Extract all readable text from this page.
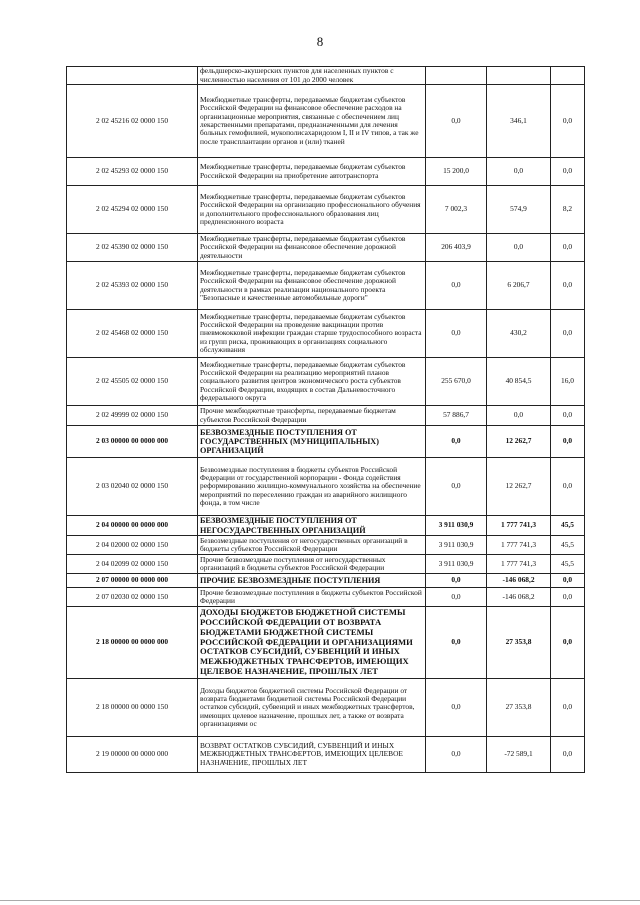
8
	фельдшерско-акушерских пунктов для населенных пунктов с численностью населения от 101 до 2000 человек			
2 02 45216 02 0000 150	Межбюджетные трансферты, передаваемые бюджетам субъектов Российской Федерации на финансовое обеспечение расходов на организационные мероприятия, связанные с обеспечением лиц лекарственными препаратами, предназначенными для лечения больных гемофилией, мукополисахаридозом I, II и IV типов, а так же после трансплантации органов и (или) тканей	0,0	346,1	0,0
2 02 45293 02 0000 150	Межбюджетные трансферты, передаваемые бюджетам субъектов Российской Федерации на приобретение автотранспорта	15 200,0	0,0	0,0
2 02 45294 02 0000 150	Межбюджетные трансферты, передаваемые бюджетам субъектов Российской Федерации на организацию профессионального обучения и дополнительного профессионального образования лиц предпенсионного возраста	7 002,3	574,9	8,2
2 02 45390 02 0000 150	Межбюджетные трансферты, передаваемые бюджетам субъектов Российской Федерации на финансовое обеспечение дорожной деятельности	206 403,9	0,0	0,0
2 02 45393 02 0000 150	Межбюджетные трансферты, передаваемые бюджетам субъектов Российской Федерации на финансовое обеспечение дорожной деятельности в рамках реализации национального проекта "Безопасные и качественные автомобильные дороги"	0,0	6 206,7	0,0
2 02 45468 02 0000 150	Межбюджетные трансферты, передаваемые бюджетам субъектов Российской Федерации на проведение вакцинации против пневмококковой инфекции граждан старше трудоспособного возраста из групп риска, проживающих в организациях социального обслуживания	0,0	430,2	0,0
2 02 45505 02 0000 150	Межбюджетные трансферты, передаваемые бюджетам субъектов Российской Федерации на реализацию мероприятий планов социального развития центров экономического роста субъектов Российской Федерации, входящих в состав Дальневосточного федерального округа	255 670,0	40 854,5	16,0
2 02 49999 02 0000 150	Прочие межбюджетные трансферты, передаваемые бюджетам субъектов Российской Федерации	57 886,7	0,0	0,0
2 03 00000 00 0000 000	БЕЗВОЗМЕЗДНЫЕ ПОСТУПЛЕНИЯ ОТ ГОСУДАРСТВЕННЫХ (МУНИЦИПАЛЬНЫХ) ОРГАНИЗАЦИЙ	0,0	12 262,7	0,0
2 03 02040 02 0000 150	Безвозмездные поступления в бюджеты субъектов Российской Федерации от государственной корпорации - Фонда содействия реформированию жилищно-коммунального хозяйства на обеспечение мероприятий по переселению граждан из аварийного жилищного фонда, в том числе	0,0	12 262,7	0,0
2 04 00000 00 0000 000	БЕЗВОЗМЕЗДНЫЕ ПОСТУПЛЕНИЯ ОТ НЕГОСУДАРСТВЕННЫХ ОРГАНИЗАЦИЙ	3 911 030,9	1 777 741,3	45,5
2 04 02000 02 0000 150	Безвозмездные поступления от негосударственных организаций в бюджеты субъектов Российской Федерации	3 911 030,9	1 777 741,3	45,5
2 04 02099 02 0000 150	Прочие безвозмездные поступления от негосударственных организаций в бюджеты субъектов Российской Федерации	3 911 030,9	1 777 741,3	45,5
2 07 00000 00 0000 000	ПРОЧИЕ БЕЗВОЗМЕЗДНЫЕ ПОСТУПЛЕНИЯ	0,0	-146 068,2	0,0
2 07 02030 02 0000 150	Прочие безвозмездные поступления в бюджеты субъектов Российской Федерации	0,0	-146 068,2	0,0
2 18 00000 00 0000 000	ДОХОДЫ БЮДЖЕТОВ БЮДЖЕТНОЙ СИСТЕМЫ РОССИЙСКОЙ ФЕДЕРАЦИИ ОТ ВОЗВРАТА БЮДЖЕТАМИ БЮДЖЕТНОЙ СИСТЕМЫ РОССИЙСКОЙ ФЕДЕРАЦИИ И ОРГАНИЗАЦИЯМИ ОСТАТКОВ СУБСИДИЙ, СУБВЕНЦИЙ И ИНЫХ МЕЖБЮДЖЕТНЫХ ТРАНСФЕРТОВ, ИМЕЮЩИХ ЦЕЛЕВОЕ НАЗНАЧЕНИЕ, ПРОШЛЫХ ЛЕТ	0,0	27 353,8	0,0
2 18 00000 00 0000 150	Доходы бюджетов бюджетной системы Российской Федерации от возврата бюджетами бюджетной системы Российской Федерации остатков субсидий, субвенций и иных межбюджетных трансфертов, имеющих целевое назначение, прошлых лет, а также от возврата организациями ос	0,0	27 353,8	0,0
2 19 00000 00 0000 000	ВОЗВРАТ ОСТАТКОВ СУБСИДИЙ, СУБВЕНЦИЙ И ИНЫХ МЕЖБЮДЖЕТНЫХ ТРАНСФЕРТОВ, ИМЕЮЩИХ ЦЕЛЕВОЕ НАЗНАЧЕНИЕ, ПРОШЛЫХ ЛЕТ	0,0	-72 589,1	0,0
